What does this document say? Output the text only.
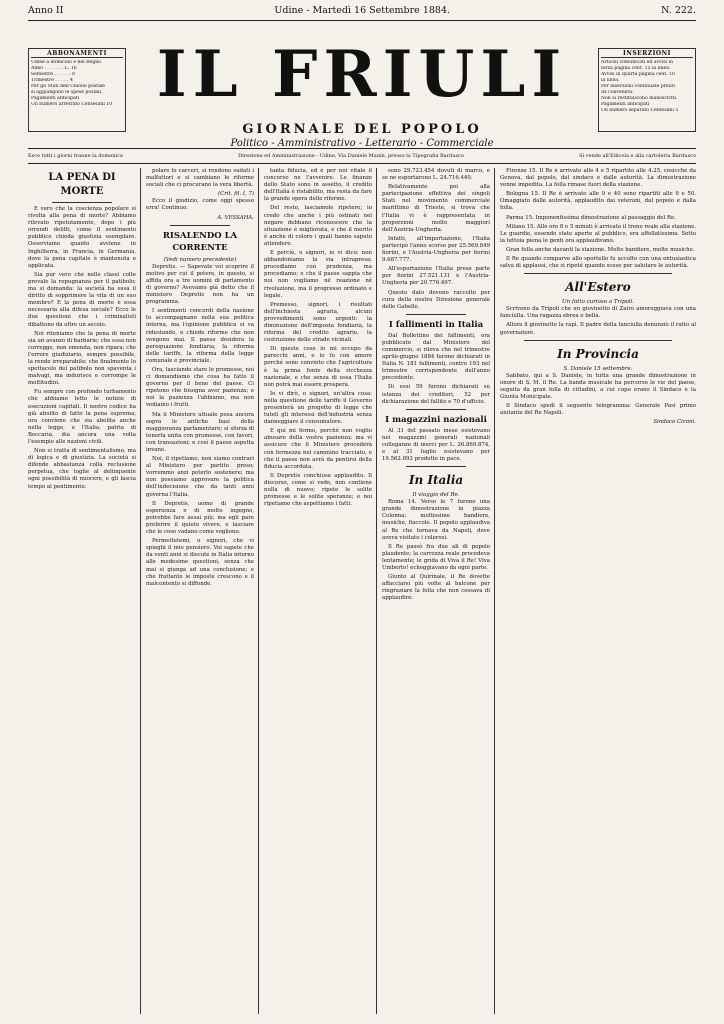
Anno II	Udine - Martedì 16 Settembre 1884.	N. 222.
ABBONAMENTI
Udine a domicilio e nel Regno
Anno . . . . . . . L. 16
Semestre . . . . . . 8
Trimestre . . . . . 4
Per gli Stati dell'Unione postale
si aggiungono le spese postali.
Pagamenti anticipati
Un numero arretrato Centesimi 10 IL FRIULI
GIORNALE DEL POPOLO
Politico - Amministrativo - Letterario - Commerciale
INSERZIONI
Articoli comunicati ed avvisi in
terza pagina cent. 15 la linea.
Avvisi in quarta pagina cent. 10
la linea.
Per inserzioni continuate prezzi
da convenirsi.
Non si restituiscono manoscritti.
Pagamenti anticipati
Un numero separato Centesimi 5
Esce tutti i giorni tranne la domenica	Direzione ed Amministrazione - Udine, Via Daniele Manin, presso la Tipografia Bardusco	Si vende all'Edicola e alla cartoleria Bardusco
LA PENA DI MORTE

E vero che la coscienza popolare si rivolta alla pena di morte? Abbiamo rilevato ripetutamente, dopo i più orrendi delitti, come il sentimento pubblico chieda giustizia esemplare. Osserviamo quanto avviene in Inghilterra, in Francia, in Germania, dove la pena capitale è mantenuta e applicata.

Sia pur vero che nelle classi colte prevale la repugnanza per il patibolo; ma si domanda: la società ha essa il diritto di sopprimere la vita di un suo membro? E la pena di morte è essa necessaria alla difesa sociale? Ecco le due questioni che i criminalisti dibattono da oltre un secolo.

Noi riteniamo che la pena di morte sia un avanzo di barbarie; che essa non corregge, non emenda, non ripara; che l'errore giudiziario, sempre possibile, la rende irreparabile; che finalmente lo spettacolo del patibolo non spaventa i malvagi, ma indurisce e corrompe le moltitudini.

Fu sempre con profondo turbamento che abbiamo letto le notizie di esecuzioni capitali. Il nostro codice ha già abolito di fatto la pena suprema; ora conviene che sia abolita anche nella legge, e l'Italia, patria di Beccaria, dia ancora una volta l'esempio alle nazioni civili.

Non si tratta di sentimentalismo, ma di logica e di giustizia. La società si difende abbastanza colla reclusione perpetua, che toglie al delinquente ogni possibilità di nuocere, e gli lascia tempo al pentimento.

polare lo carceri, si rendono sudati i malfattori e si cambiano le riforme sociali che ci procurano la vera libertà.

(Crit. fil. I, 7)

Ecco il giudizio, come oggi spesso erra! Continuo.

A. VESSAHA.
RISALENDO LA CORRENTE
(Vedi numero precedente)

Depretis. — Sapevate voi scoprire il motivo per cui il potere, in questo, si affida ora a tre uomini di parlamento di governo? Avevamo già detto che il ministero Depretis non ha un programma.

I sentimenti concordi della nazione lo accompagnano nella sua politica interna, ma l'opinione pubblica si va ridestando, e chiede riforme che non vengono mai. Il paese desidera la perequazione fondiaria, la riforma delle tariffe, la riforma della legge comunale e provinciale.

Ora, lasciando stare le promesse, noi ci domandiamo che cosa ha fatto il governo per il bene del paese. Ci ripetono che bisogna aver pazienza; e noi la pazienza l'abbiamo, ma non vediamo i frutti.

Ma il Ministero attuale posa ancora sopra le antiche basi della maggioranza parlamentare; si sforza di tenerla unita con promesse, con favori, con transazioni; e così il paese aspetta invano.

Noi, il ripetiamo, non siamo contrari al Ministero per partito preso; vorremmo anzi poterlo sostenere; ma non possiamo approvare la politica dell'indecisione che da tanti anni governa l'Italia.

Il Depretis, uomo di grande esperienza e di molto ingegno, potrebbe fare assai più; ma egli pare preferire il quieto vivere, e lasciare che le cose vadano come vogliono.

Permettetemi, o signori, che vi spieghi il mio pensiero. Voi sapete che da venti anni si discute in Italia intorno alle medesime questioni, senza che mai si giunga ad una conclusione; e che frattanto le imposte crescono e il malcontento si diffonde.

tanta fiducia, ed è per noi vitale il concorso ne l'avvenire. Le finanze dello Stato sono in assetto, il credito dell'Italia è ristabilito, ma resta da fare la grande opera delle riforme.

Del resto, lasciamole ripetere; io credo che anche i più ostinati nel negare debbano riconoscere che la situazione è migliorata, e che il merito è anche di coloro i quali hanno saputo attendere.

E perciò, o signori, io vi dico: non abbandoniamo la via intrapresa; procediamo con prudenza, ma procediamo; e che il paese sappia che noi non vogliamo né reazione né rivoluzione, ma il progresso ordinato e legale.

Premesso, signori, i risultati dell'inchiesta agraria, alcuni provvedimenti sono urgenti: la diminuzione dell'imposta fondiaria, la riforma del credito agrario, la costruzione delle strade vicinali.

Di queste cose io mi occupo da parecchi anni, e lo fo con amore perché sono convinto che l'agricoltura è la prima fonte della ricchezza nazionale, e che senza di essa l'Italia non potrà mai essere prospera.

Io vi dirò, o signori, un'altra cosa: nella questione delle tariffe il Governo presenterà un progetto di legge che tuteli gli interessi dell'industria senza danneggiare il consumatore.

E qui mi fermo, perché non voglio abusare della vostra pazienza; ma vi assicuro che il Ministero procederà con fermezza nel cammino tracciato, e che il paese non avrà da pentirsi della fiducia accordata.

Il Depretis conchiuse applaudito. Il discorso, come si vede, non contiene nulla di nuovo; ripete le solite promesse e le solite speranze; e noi ripetiamo che aspettiamo i fatti.

sono 29.723.454 dovuti di marco, e se ne esportarono L. 24.716.440.

Relativamente poi alla partecipazione effettiva dei singoli Stati nel movimento commerciale marittimo di Trieste, si trova che l'Italia vi è rappresentata in proporzioni molto maggiori dell'Austria-Ungheria.

Infatti, all'importazione, l'Italia partecipò l'anno scorso per 25.569.849 fiorini, e l'Austria-Ungheria per fiorini 9.687.777.

All'esportazione l'Italia prese parte per fiorini 27.521.131 e l'Austria-Ungheria per 20.776.497.

Questo dato devono raccolto per cura della nostra Direzione generale delle Gabelle.

I fallimenti in Italia

Dal Bollettino dei fallimenti, ora pubblicato dal Ministero del commercio, si rileva che nel trimestre aprile-giugno 1884 furono dichiarati in Italia N. 181 fallimenti, contro 193 nel trimestre corrispondente dell'anno precedente.

Di essi 59 furono dichiarati su istanza dei creditori, 52 per dichiarazione del fallito e 70 d'ufficio.

I magazzini nazionali

Al 31 del passato mese esistevano nei magazzini generali nazionali colleganze di merci per L. 26.869.874, e al 31 luglio esistevano per 19.562.893 prodotte in pace.

In Italia
Il viaggio del Re.

Roma 14. Verso le 7 furono una grande dimostrazione in piazza Colonna; moltissime bandiere, musiche, fiaccole. Il popolo applaudiva al Re che tornava da Napoli, dove aveva visitato i colerosi.

Il Re passò fra due ali di popolo plaudente; la carrozza reale procedeva lentamente; le grida di Viva il Re! Viva Umberto! echeggiavano da ogni parte.

Giunto al Quirinale, il Re dovette affacciarsi più volte al balcone per ringraziare la folla che non cessava di applaudire.

Firenze 15. Il Re è arrivato alle 4 e 5 ripartito alle 4.25, cosicché da Genova, dal popolo, dal sindaco e dalle autorità. La dimostrazione venne impedita. La folla rimase fuori della stazione.

Bologna 15. Il Re è arrivato alle 9 e 40 sono ripartiti alle 9 e 50. Omaggiato dalle autorità, applaudito dai veterani, dal popolo e dalla folla.

Parma 15. Imponentissima dimostrazione al passaggio del Re.

Milano 15. Alle ore 8 e 5 minuti è arrivato il treno reale alla stazione. Le guardie, essendo state aperte al pubblico, era affollatissima. Sotto la tettoia piena le genti ora applaudivano.

Gran folla anche davanti la stazione. Molte bandiere, molte musiche.

Il Re quando comparve allo sportello fu accolto con una entusiastica salva di applausi, che si ripeté quando scese per salutare le autorità.

All'Estero
Un fatto curioso a Tripoli.

Scrivono da Tripoli che un giovinotto di Zairo amoreggiava con una fanciulla. Una ragazza ebrea e bella.

Allora il giovinotto la rapì. Il padre della fanciulla denunziò il ratto al governatore.

In Provincia
S. Daniele 15 settembre.

Sabbato, qui a S. Daniele, in tutta una grande dimostrazione in onore di S. M. il Re. La banda musicale ha percorso le vie del paese, seguita da gran folla di cittadini, a cui capo erano il Sindaco e la Giunta Municipale.

Il Sindaco spedì il seguente telegramma: Generale Pasi primo aiutante del Re Napoli.

Sindaco Ciconi.
